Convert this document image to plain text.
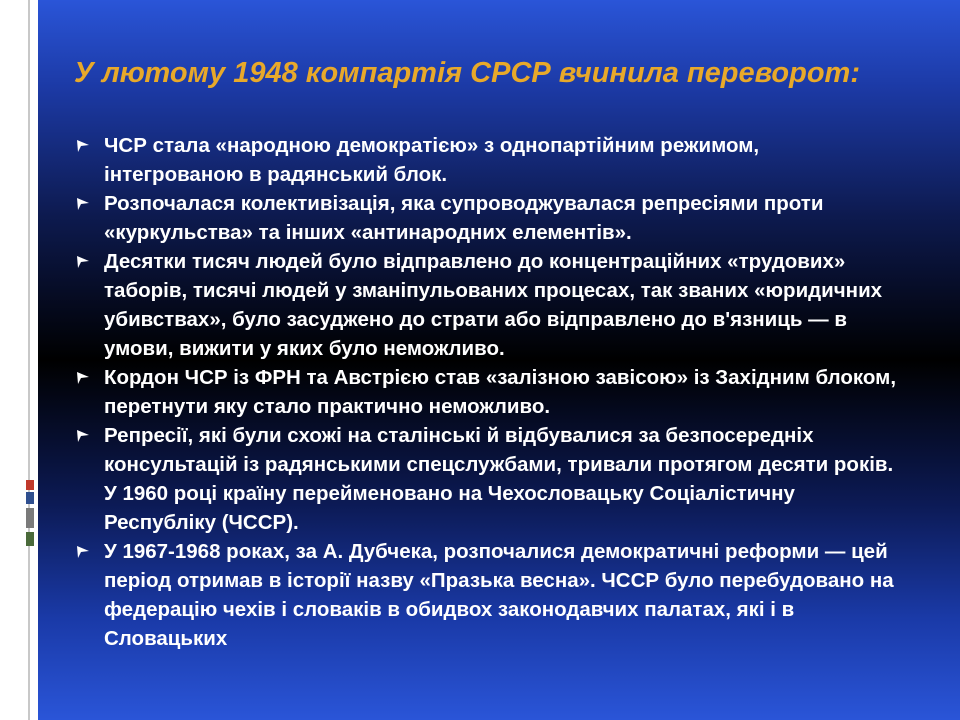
У лютому 1948 компартія СРСР вчинила переворот:
ЧСР стала «народною демократією» з однопартійним режимом, інтегрованою в радянський блок.
Розпочалася колективізація, яка супроводжувалася репресіями проти «куркульства» та інших «антинародних елементів».
Десятки тисяч людей було відправлено до концентраційних «трудових» таборів, тисячі людей у зманіпульованих процесах, так званих «юридичних убивствах», було засуджено до страти або відправлено до в'язниць — в умови, вижити у яких було неможливо.
Кордон ЧСР із ФРН та Австрією став «залізною завісою» із Західним блоком, перетнути яку стало практично неможливо.
Репресії, які були схожі на сталінські й відбувалися за безпосередніх консультацій із радянськими спецслужбами, тривали протягом десяти років. У 1960 році країну перейменовано на Чехословацьку Соціалістичну Республіку (ЧССР).
У 1967-1968 роках, за А. Дубчека, розпочалися демократичні реформи — цей період отримав в історії назву «Празька весна». ЧССР було перебудовано на федерацію чехів і словаків в обидвох законодавчих палатах, які і в Словацьких
